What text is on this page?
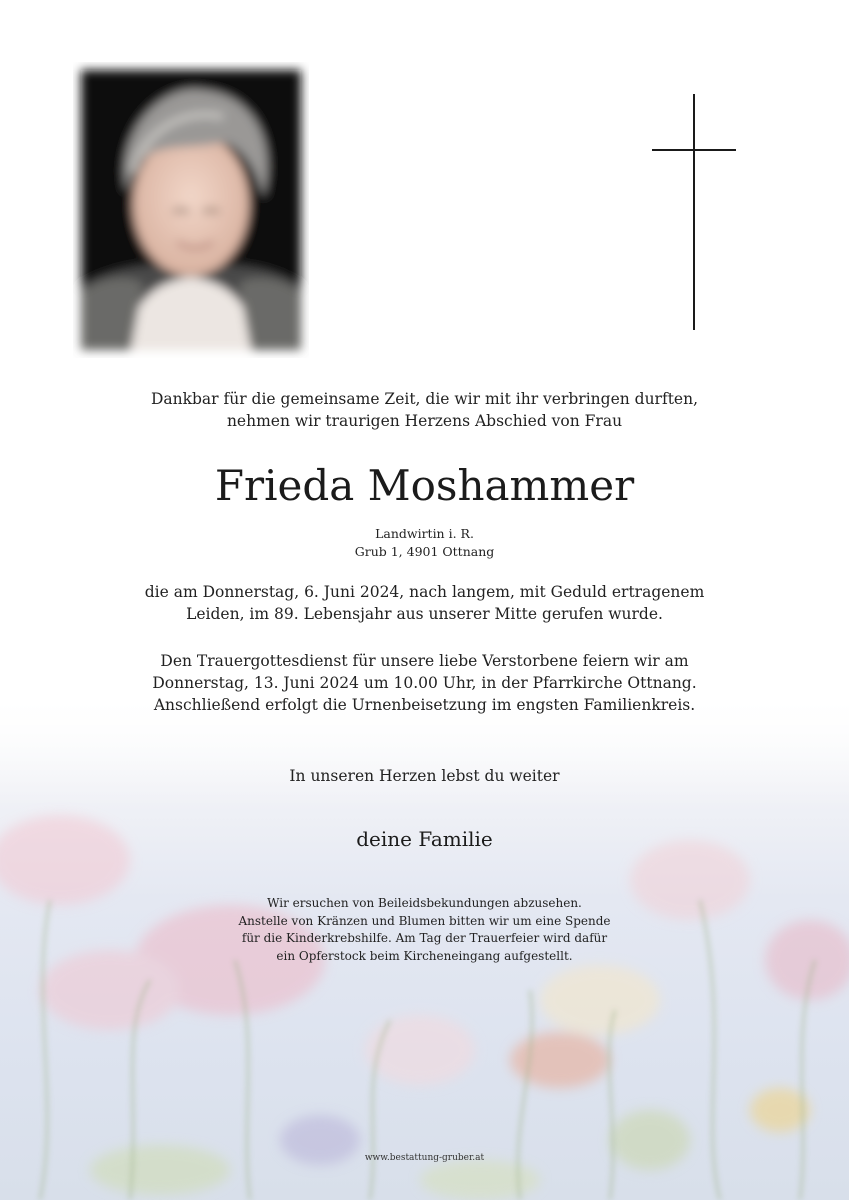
Dankbar für die gemeinsame Zeit, die wir mit ihr verbringen durften,
nehmen wir traurigen Herzens Abschied von Frau
Frieda Moshammer
Landwirtin i. R.
Grub 1, 4901 Ottnang
die am Donnerstag, 6. Juni 2024, nach langem, mit Geduld ertragenem
Leiden, im 89. Lebensjahr aus unserer Mitte gerufen wurde.
Den Trauergottesdienst für unsere liebe Verstorbene feiern wir am
Donnerstag, 13. Juni 2024 um 10.00 Uhr, in der Pfarrkirche Ottnang.
Anschließend erfolgt die Urnenbeisetzung im engsten Familienkreis.
In unseren Herzen lebst du weiter
deine Familie
Wir ersuchen von Beileidsbekundungen abzusehen.
Anstelle von Kränzen und Blumen bitten wir um eine Spende
für die Kinderkrebshilfe. Am Tag der Trauerfeier wird dafür
ein Opferstock beim Kircheneingang aufgestellt.
www.bestattung-gruber.at
